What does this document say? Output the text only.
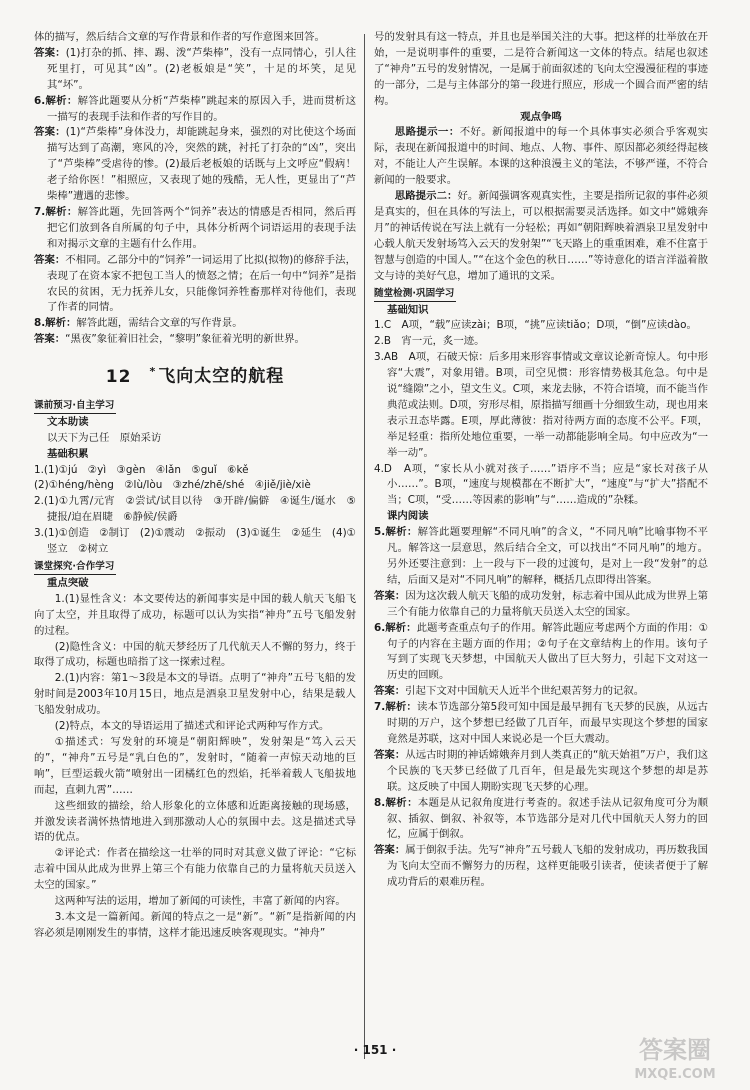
体的描写，然后结合文章的写作背景和作者的写作意图来回答。

答案：(1)打杂的抓、摔、踢、泼“芦柴棒”，没有一点同情心，引人往死里打，可见其“凶”。(2)老板娘是“笑”，十足的坏笑，足见其“坏”。

6.解析：解答此题要从分析“芦柴棒”跳起来的原因入手，进而贯析这一描写的表现手法和作者的写作目的。

答案：(1)“芦柴棒”身体没力，却能跳起身来，强烈的对比使这个场面描写达到了高潮，寒风的冷，突然的跳，衬托了打杂的“凶”，突出了“芦柴棒”受虐待的惨。(2)最后老板娘的话既与上文呼应“假病！老子给你医！”相照应，又表现了她的残酷，无人性，更显出了“芦柴棒”遭遇的悲惨。

7.解析：解答此题，先回答两个“饲养”表达的情感是否相同，然后再把它们放到各自所属的句子中，具体分析两个词语运用的表现手法和对揭示文章的主题有什么作用。

答案：不相同。乙部分中的“饲养”一词运用了比拟(拟物)的修辞手法，表现了在资本家不把包工当人的愤怒之情；在后一句中“饲养”是指农民的贫困，无力抚养儿女，只能像饲养牲畜那样对待他们，表现了作者的同情。

8.解析：解答此题，需结合文章的写作背景。

答案：“黑夜”象征着旧社会，“黎明”象征着光明的新世界。

12 * 飞向太空的航程
课前预习·自主学习

文本助读

以天下为己任　原始采访

基础积累

1.(1)①jú　②yì　③gèn　④lǎn　⑤guǐ　⑥kě

(2)①héng/hèng　②lù/lòu　③zhé/zhē/shé　④jiě/jiè/xiè

2.(1)①九霄/元宵　②尝试/试目以待　③开辟/偏僻　④诞生/诞水　⑤捷报/迫在眉睫　⑥静候/侯爵

3.(1)①创造　②制订　(2)①震动　②振动　(3)①诞生　②延生　(4)①竖立　②树立

课堂探究·合作学习

重点突破

1.(1)显性含义：本文要传达的新闻事实是中国的载人航天飞船飞向了太空，并且取得了成功，标题可以认为实指“神舟”五号飞船发射的过程。

(2)隐性含义：中国的航天梦经历了几代航天人不懈的努力，终于取得了成功，标题也暗指了这一探索过程。

2.(1)内容：第1～3段是本文的导语。点明了“神舟”五号飞船的发射时间是2003年10月15日，地点是酒泉卫星发射中心，结果是载人飞船发射成功。

(2)特点，本文的导语运用了描述式和评论式两种写作方式。

①描述式：写发射的环境是“朝阳辉映”，发射架是“笃入云天的”，“神舟”五号是“乳白色的”，发射时，“随着一声惊天动地的巨响”，巨型运载火箭“喷射出一团橘红色的烈焰，托举着载人飞船拔地而起，直刺九霄”……

这些细致的描绘，给人形象化的立体感和近距离接触的现场感，并激发读者满怀热情地进入到那激动人心的氛围中去。这是描述式导语的优点。

②评论式：作者在描绘这一壮举的同时对其意义做了评论：“它标志着中国从此成为世界上第三个有能力依靠自己的力量将航天员送入太空的国家。”

这两种写法的运用，增加了新闻的可读性，丰富了新闻的内容。

3.本文是一篇新闻。新闻的特点之一是“新”。“新”是指新闻的内容必须是刚刚发生的事情，这样才能迅速反映客观现实。“神舟”

号的发射具有这一特点，并且也是举国关注的大事。把这样的壮举放在开始，一是说明事件的重要，二是符合新闻这一文体的特点。结尾也叙述了“神舟”五号的发射情况，一是属于前面叙述的飞向太空漫漫征程的事迹的一部分，二是与主体部分的第一段进行照应，形成一个圆合而严密的结构。

观点争鸣

思路提示一：不好。新闻报道中的每一个具体事实必须合乎客观实际，表现在新闻报道中的时间、地点、人物、事件、原因都必须经得起核对，不能让人产生误解。本课的这种浪漫主义的笔法，不够严谨，不符合新闻的一般要求。

思路提示二：好。新闻强调客观真实性，主要是指所记叙的事件必须是真实的，但在具体的写法上，可以根据需要灵活选择。如文中“嫦娥奔月”的神话传说在写法上就有一分轻松；再如“朝阳辉映着酒泉卫星发射中心载人航天发射场笃入云天的发射架”“飞天路上的重重困难，难不住富于智慧与创造的中国人。”“在这个金色的秋日……”等诗意化的语言洋溢着散文与诗的美好气息，增加了通讯的文采。

随堂检测·巩固学习

基础知识

1.C　A项，“载”应读zài；B项，“挑”应读tiǎo；D项，“倒”应读dào。

2.B　宵一元，炙一迹。

3.AB　A项，石破天惊：后多用来形容事情或文章议论新奇惊人。句中形容“大震”，对象用错。B项，司空见惯：形容情势极其危急。句中是说“缝隙”之小，望文生义。C项，来龙去脉，不符合语境，而不能当作典范或法则。D项，穷形尽相，原指描写细画十分细致生动，现也用来表示丑态毕露。E项，厚此薄彼：指对待两方面的态度不公平。F项，举足轻重：指所处地位重要，一举一动都能影响全局。句中应改为“一举一动”。

4.D　A项，“家长从小就对孩子……”语序不当；应是“家长对孩子从小……”。B项，“速度与规模都在不断扩大”，“速度”与“扩大”搭配不当；C项，“受……等因素的影响”与“……造成的”杂糅。

课内阅读

5.解析：解答此题要理解“不同凡响”的含义，“不同凡响”比喻事物不平凡。解答这一层意思，然后结合全文，可以找出“不同凡响”的地方。另外还要注意到：上一段与下一段的过渡句，是对上一段“发射”的总结，后面又是对“不同凡响”的解释，概括几点即得出答案。

答案：因为这次载人航天飞船的成功发射，标志着中国从此成为世界上第三个有能力依靠自己的力量将航天员送入太空的国家。

6.解析：此题考查重点句子的作用。解答此题应考虑两个方面的作用：①句子的内容在主题方面的作用；②句子在文章结构上的作用。该句子写到了实现飞天梦想，中国航天人做出了巨大努力，引起下文对这一历史的回顾。

答案：引起下文对中国航天人近半个世纪艰苦努力的记叙。

7.解析：读本节选部分第5段可知中国是最早拥有飞天梦的民族，从远古时期的万户，这个梦想已经做了几百年，而最早实现这个梦想的国家竟然是苏联，这对中国人来说必是一个巨大震动。

答案：从远古时期的神话嫦娥奔月到人类真正的“航天始祖”万户，我们这个民族的飞天梦已经做了几百年，但是最先实现这个梦想的却是苏联。这反映了中国人期盼实现飞天梦的心理。

8.解析：本题是从记叙角度进行考查的。叙述手法从记叙角度可分为顺叙、插叙、倒叙、补叙等，本节选部分是对几代中国航天人努力的回忆，应属于倒叙。

答案：属于倒叙手法。先写“神舟”五号载人飞船的发射成功，再历数我国为飞向太空而不懈努力的历程，这样更能吸引读者，使读者便于了解成功背后的艰难历程。

· 151 ·	答案圈
MXQE.COM
